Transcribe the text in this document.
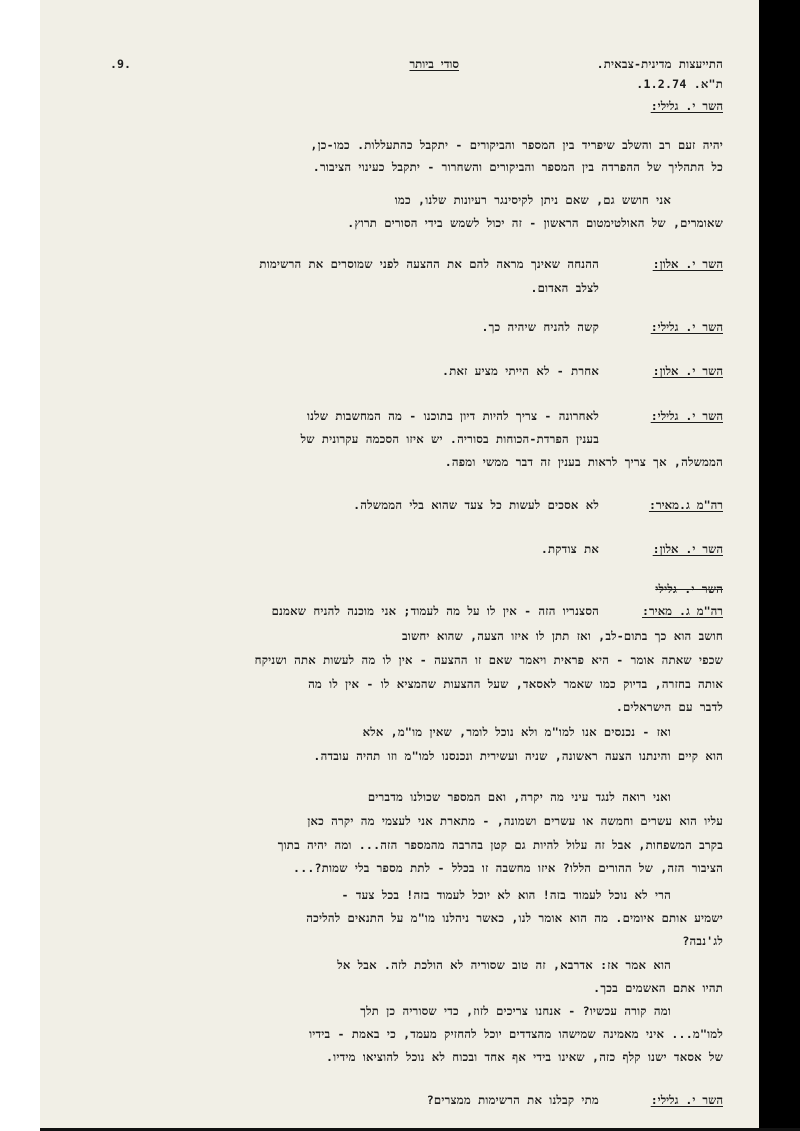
.9.	סודי ביותר	התייעצות מדינית-צבאית.
ת"א. 1.2.74.
השר י. גלילי:
יהיה זעם רב והשלב שיפריד בין המספר והביקורים - יתקבל כהתעללות. כמו-כן,
כל התהליך של ההפרדה בין המספר והביקורים והשחרור - יתקבל כעינוי הציבור.
אני חושש גם, שאם ניתן לקיסינגר רעיונות שלנו, כמו
שאומרים, של האולטימטום הראשון - זה יכול לשמש בידי הסורים תרוץ.
השר י. אלון:
ההנחה שאינך מראה להם את ההצעה לפני שמוסרים את הרשימות
לצלב האדום.
השר י. גלילי:
קשה להניח שיהיה כך.
השר י. אלון:
אחרת - לא הייתי מציע זאת.
השר י. גלילי:
לאחרונה - צריך להיות דיון בתוכנו - מה המחשבות שלנו
בענין הפרדת-הכוחות בסוריה. יש איזו הסכמה עקרונית של
הממשלה, אך צריך לראות בענין זה דבר ממשי ומפה.
רה"מ ג.מאיר:
לא אסכים לעשות כל צעד שהוא בלי הממשלה.
השר י. אלון:
את צודקת.
השר י. גלילי
רה"מ ג. מאיר:
הסצנריו הזה - אין לו על מה לעמוד; אני מוכנה להניח שאמנם
חושב הוא כך בתום-לב, ואז תתן לו איזו הצעה, שהוא יחשוב
שכפי שאתה אומר - היא פראית ויאמר שאם זו ההצעה - אין לו מה לעשות אתה ושניקח
אותה בחזרה, בדיוק כמו שאמר לאסאד, שעל ההצעות שהמציא לו - אין לו מה
לדבר עם הישראלים.
ואז - נכנסים אנו למו"מ ולא נוכל לומר, שאין מו"מ, אלא
הוא קיים והינתנו הצעה ראשונה, שניה ועשירית ונכנסנו למו"מ וזו תהיה עובדה.
ואני רואה לנגד עיני מה יקרה, ואם המספר שכולנו מדברים
עליו הוא עשרים וחמשה או עשרים ושמונה, - מתארת אני לעצמי מה יקרה כאן
בקרב המשפחות, אבל זה עלול להיות גם קטן בהרבה מהמספר הזה... ומה יהיה בתוך
הציבור הזה, של ההורים הללו? איזו מחשבה זו בכלל - לתת מספר בלי שמות?...
הרי לא נוכל לעמוד בזה! הוא לא יוכל לעמוד בזה! בכל צעד -
ישמיע אותם איומים. מה הוא אומר לנו, כאשר ניהלנו מו"מ על התנאים להליכה
לג'נבה?
הוא אמר אז: אדרבא, זה טוב שסוריה לא הולכת לזה. אבל אל
תהיו אתם האשמים בכך.
ומה קורה עכשיו? - אנחנו צריכים לזוז, כדי שסוריה כן תלך
למו"מ... איני מאמינה שמישהו מהצדדים יוכל להחזיק מעמד, כי באמת - בידיו
של אסאד ישנו קלף כזה, שאינו בידי אף אחד ובכוח לא נוכל להוציאו מידיו.
השר י. גלילי:
מתי קבלנו את הרשימות ממצרים?
